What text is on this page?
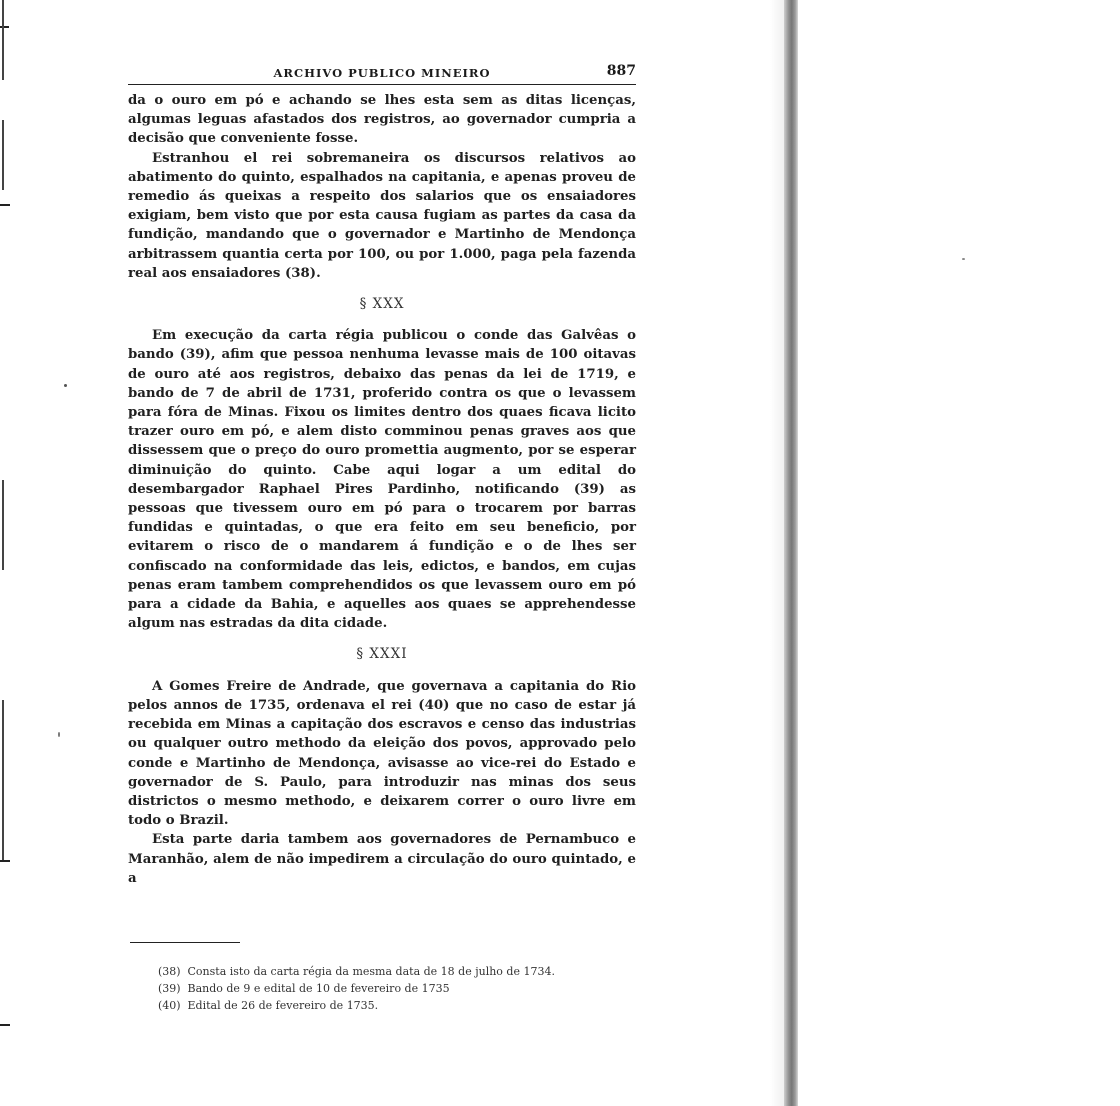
ARCHIVO PUBLICO MINEIRO	887

da o ouro em pó e achando se lhes esta sem as ditas licenças, algumas leguas afastados dos registros, ao governador cumpria a decisão que conveniente fosse.

Estranhou el rei sobremaneira os discursos relativos ao abatimento do quinto, espalhados na capitania, e apenas proveu de remedio ás queixas a respeito dos salarios que os ensaiadores exigiam, bem visto que por esta causa fugiam as partes da casa da fundição, mandando que o governador e Martinho de Mendonça arbitrassem quantia certa por 100, ou por 1.000, paga pela fazenda real aos ensaiadores (38).

§ XXX

Em execução da carta régia publicou o conde das Galvêas o bando (39), afim que pessoa nenhuma levasse mais de 100 oitavas de ouro até aos registros, debaixo das penas da lei de 1719, e bando de 7 de abril de 1731, proferido contra os que o levassem para fóra de Minas. Fixou os limites dentro dos quaes ficava licito trazer ouro em pó, e alem disto comminou penas graves aos que dissessem que o preço do ouro promettia augmento, por se esperar diminuição do quinto. Cabe aqui logar a um edital do desembargador Raphael Pires Pardinho, notificando (39) as pessoas que tivessem ouro em pó para o trocarem por barras fundidas e quintadas, o que era feito em seu beneficio, por evitarem o risco de o mandarem á fundição e o de lhes ser confiscado na conformidade das leis, edictos, e bandos, em cujas penas eram tambem comprehendidos os que levassem ouro em pó para a cidade da Bahia, e aquelles aos quaes se apprehendesse algum nas estradas da dita cidade.

§ XXXI

A Gomes Freire de Andrade, que governava a capitania do Rio pelos annos de 1735, ordenava el rei (40) que no caso de estar já recebida em Minas a capitação dos escravos e censo das industrias ou qualquer outro methodo da eleição dos povos, approvado pelo conde e Martinho de Mendonça, avisasse ao vice-rei do Estado e governador de S. Paulo, para introduzir nas minas dos seus districtos o mesmo methodo, e deixarem correr o ouro livre em todo o Brazil.

Esta parte daria tambem aos governadores de Pernambuco e Maranhão, alem de não impedirem a circulação do ouro quintado, e a

(38) Consta isto da carta régia da mesma data de 18 de julho de 1734.
(39) Bando de 9 e edital de 10 de fevereiro de 1735
(40) Edital de 26 de fevereiro de 1735.
